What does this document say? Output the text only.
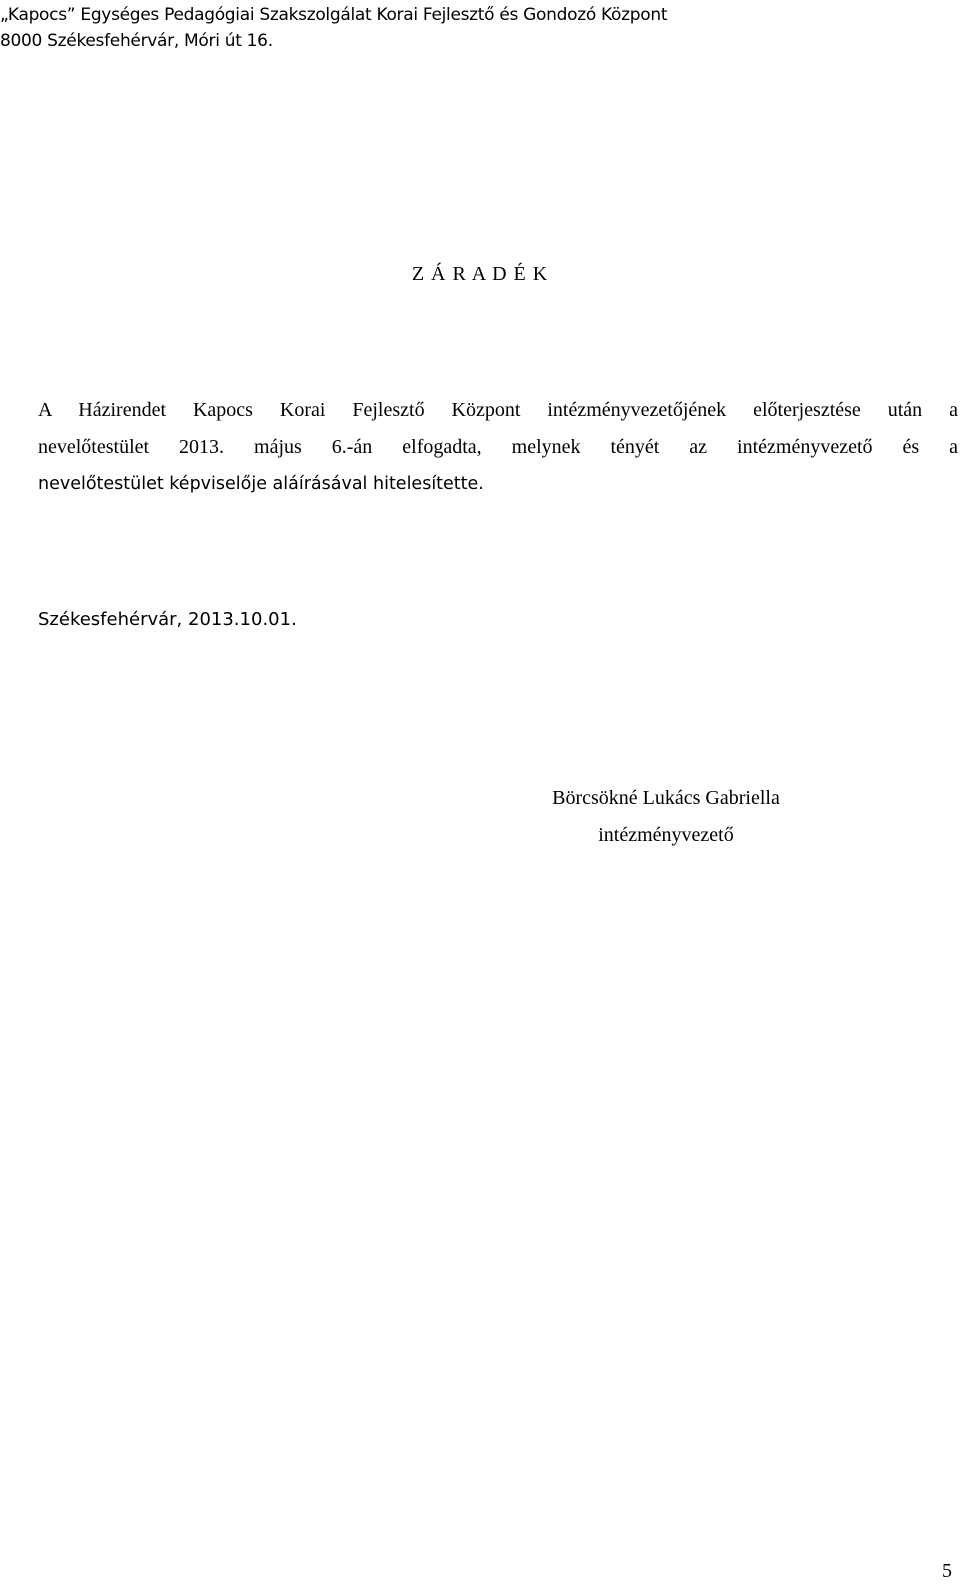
„Kapocs” Egységes Pedagógiai Szakszolgálat Korai Fejlesztő és Gondozó Központ
8000 Székesfehérvár, Móri út 16.
Z Á R A D É K
A Házirendet Kapocs Korai Fejlesztő Központ intézményvezetőjének előterjesztése után a
nevelőtestület 2013. május 6.-án elfogadta, melynek tényét az intézményvezető és a
nevelőtestület képviselője aláírásával hitelesítette.
Székesfehérvár, 2013.10.01.
Börcsökné Lukács Gabriella
intézményvezető
5
